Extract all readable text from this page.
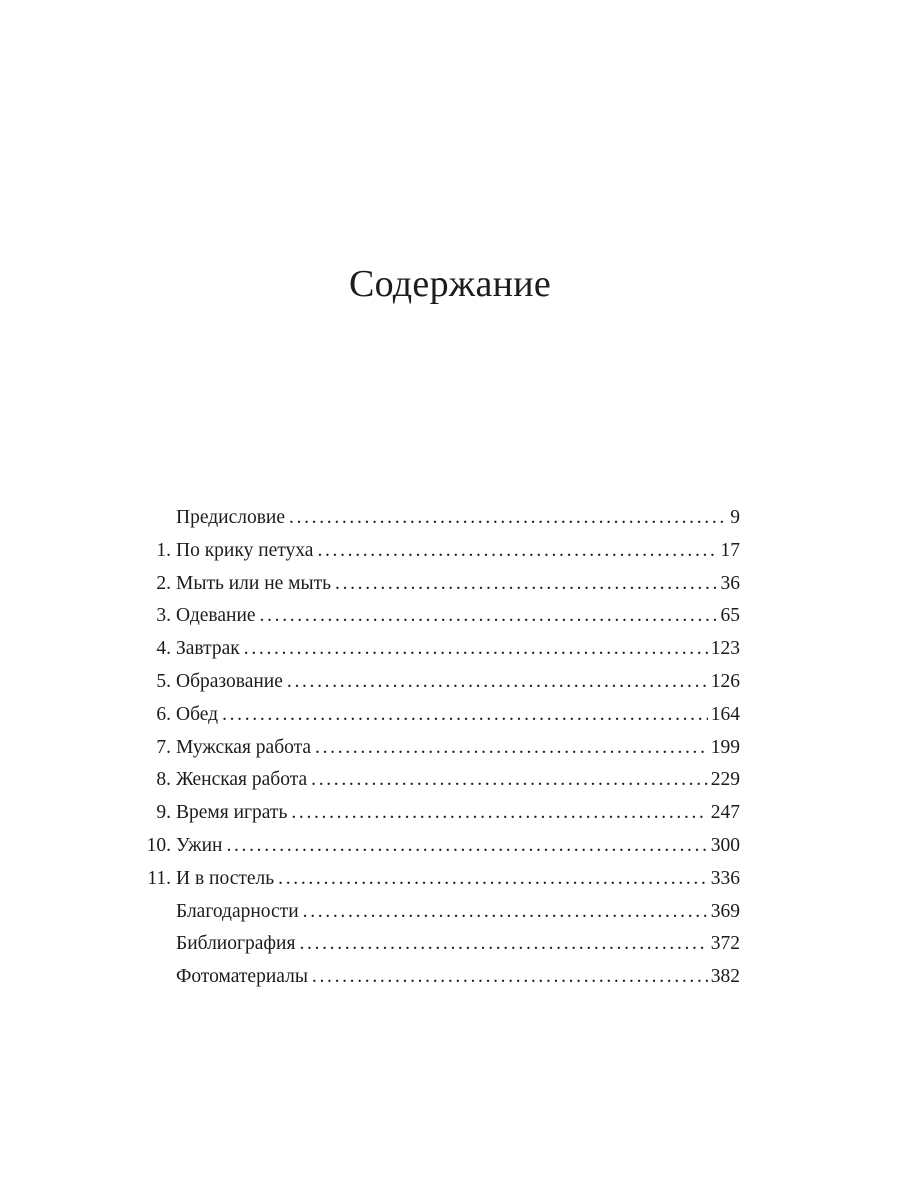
Содержание
Предисловие . . .	9
1. По крику петуха . . .	17
2. Мыть или не мыть . . .	36
3. Одевание . . .	65
4. Завтрак . . .	123
5. Образование . . .	126
6. Обед . . .	164
7. Мужская работа . . .	199
8. Женская работа . . .	229
9. Время играть . . .	247
10. Ужин . . .	300
11. И в постель . . .	336
Благодарности . . .	369
Библиография . . .	372
Фотоматериалы . . .	382
